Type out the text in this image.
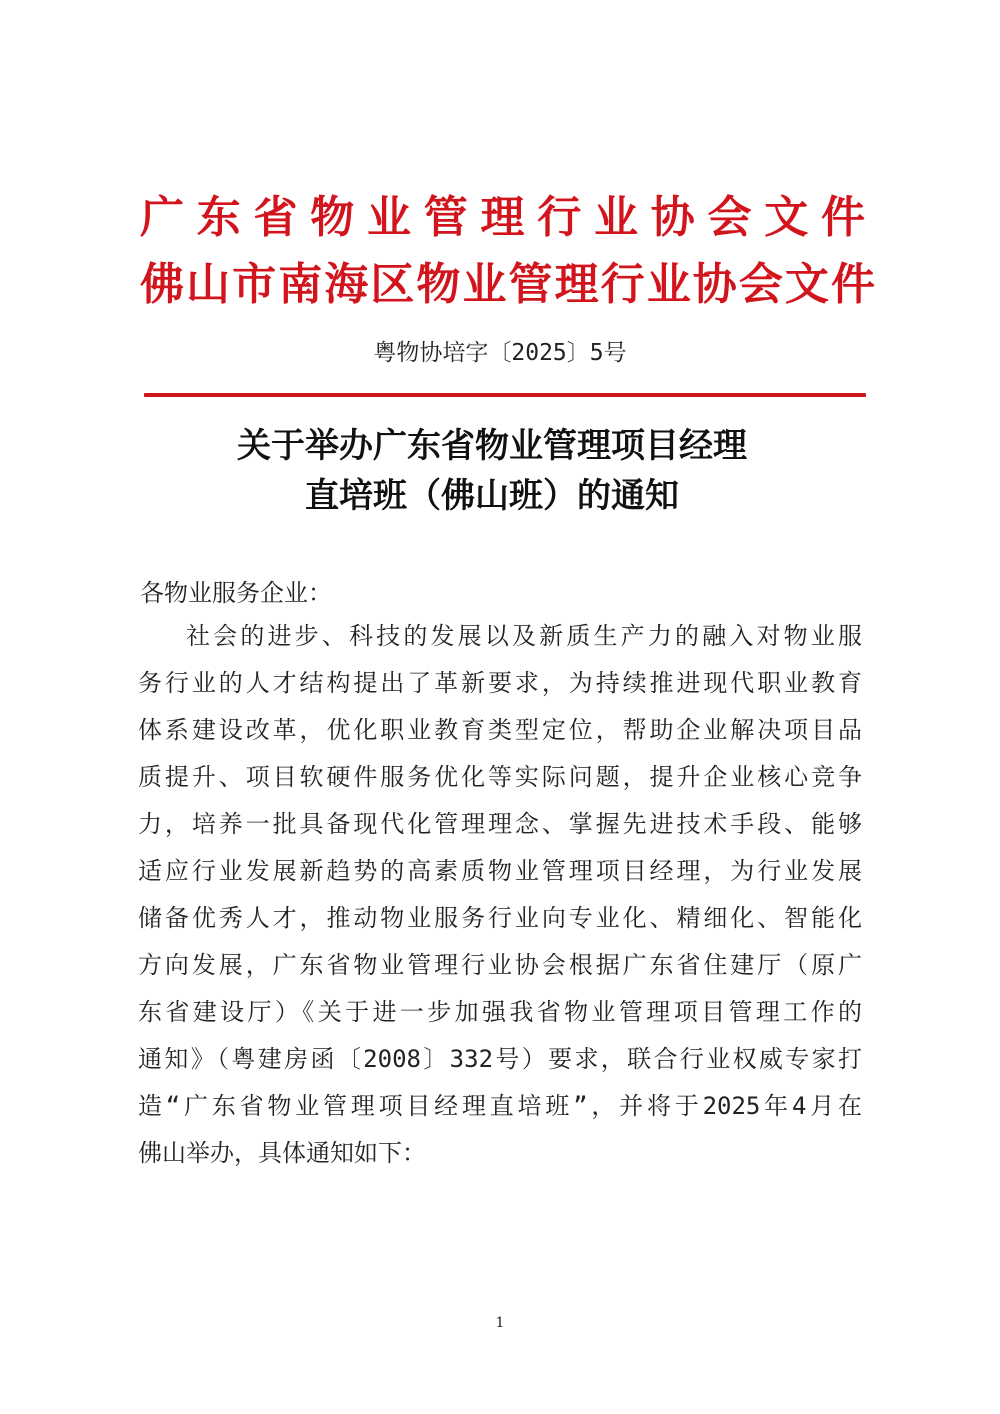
广东省物业管理行业协会文件
佛山市南海区物业管理行业协会文件
粤物协培字〔2025〕5号
关于举办广东省物业管理项目经理
直培班（佛山班）的通知
各物业服务企业：
社会的进步、科技的发展以及新质生产力的融入对物业服
务行业的人才结构提出了革新要求，为持续推进现代职业教育
体系建设改革，优化职业教育类型定位，帮助企业解决项目品
质提升、项目软硬件服务优化等实际问题，提升企业核心竞争
力，培养一批具备现代化管理理念、掌握先进技术手段、能够
适应行业发展新趋势的高素质物业管理项目经理，为行业发展
储备优秀人才，推动物业服务行业向专业化、精细化、智能化
方向发展，广东省物业管理行业协会根据广东省住建厅（原广
东省建设厅）《关于进一步加强我省物业管理项目管理工作的
通知》（粤建房函〔2008〕332号）要求，联合行业权威专家打
造“广东省物业管理项目经理直培班”，并将于2025年4月在
佛山举办，具体通知如下：
1
